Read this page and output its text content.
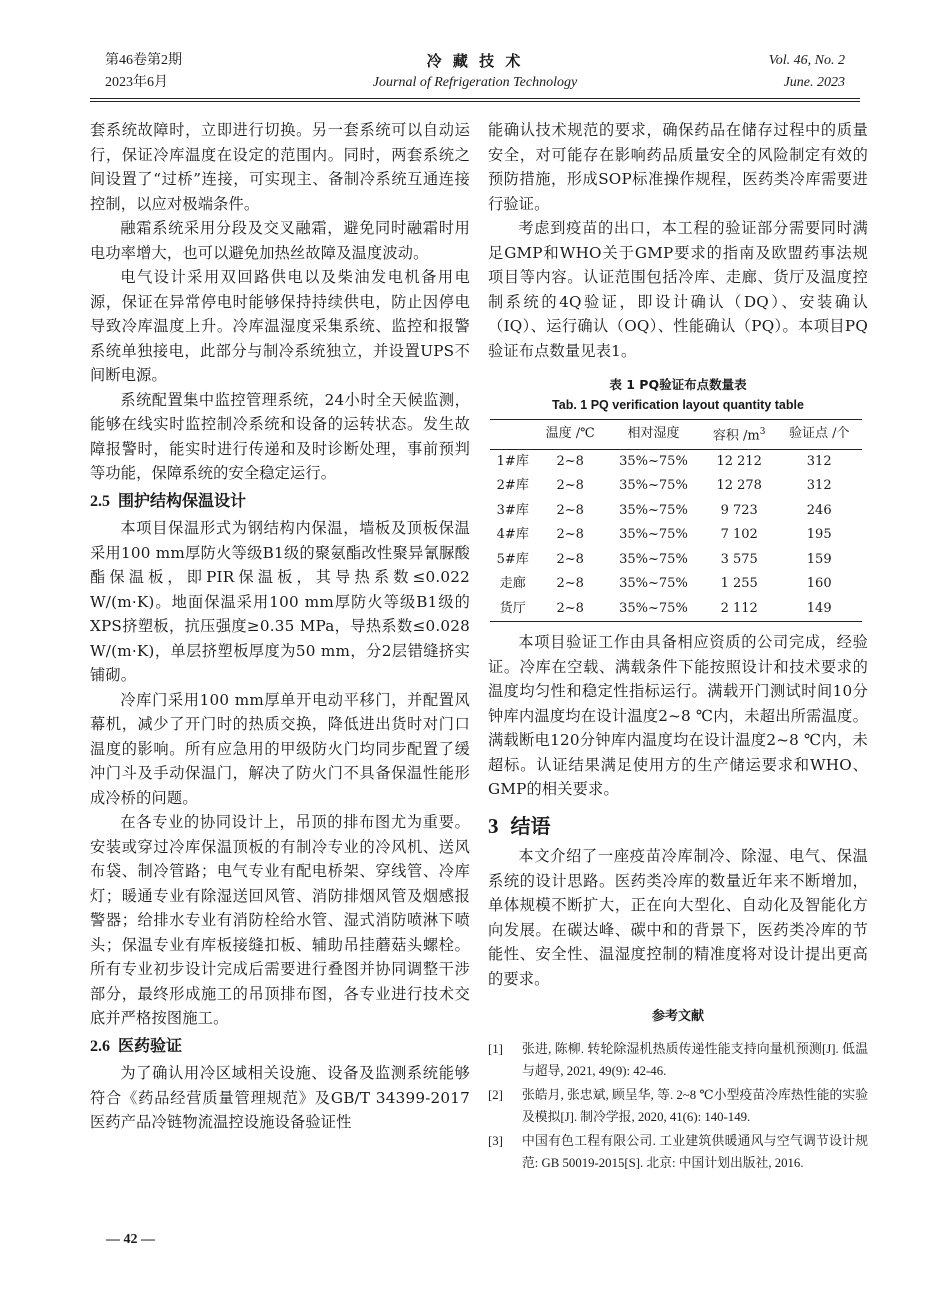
第46卷第2期
2023年6月
冷 藏 技 术
Journal of Refrigeration Technology
Vol. 46, No. 2
June. 2023

套系统故障时，立即进行切换。另一套系统可以自动运行，保证冷库温度在设定的范围内。同时，两套系统之间设置了“过桥”连接，可实现主、备制冷系统互通连接控制，以应对极端条件。

融霜系统采用分段及交叉融霜，避免同时融霜时用电功率增大，也可以避免加热丝故障及温度波动。

电气设计采用双回路供电以及柴油发电机备用电源，保证在异常停电时能够保持持续供电，防止因停电导致冷库温度上升。冷库温湿度采集系统、监控和报警系统单独接电，此部分与制冷系统独立，并设置UPS不间断电源。

系统配置集中监控管理系统，24小时全天候监测，能够在线实时监控制冷系统和设备的运转状态。发生故障报警时，能实时进行传递和及时诊断处理，事前预判等功能，保障系统的安全稳定运行。

2.5 围护结构保温设计

本项目保温形式为钢结构内保温，墙板及顶板保温采用100 mm厚防火等级B1级的聚氨酯改性聚异氰脲酸酯保温板，即PIR保温板，其导热系数≤0.022 W/(m·K)。地面保温采用100 mm厚防火等级B1级的XPS挤塑板，抗压强度≥0.35 MPa，导热系数≤0.028 W/(m·K)，单层挤塑板厚度为50 mm，分2层错缝挤实铺砌。

冷库门采用100 mm厚单开电动平移门，并配置风幕机，减少了开门时的热质交换，降低进出货时对门口温度的影响。所有应急用的甲级防火门均同步配置了缓冲门斗及手动保温门，解决了防火门不具备保温性能形成冷桥的问题。

在各专业的协同设计上，吊顶的排布图尤为重要。安装或穿过冷库保温顶板的有制冷专业的冷风机、送风布袋、制冷管路；电气专业有配电桥架、穿线管、冷库灯；暖通专业有除湿送回风管、消防排烟风管及烟感报警器；给排水专业有消防栓给水管、湿式消防喷淋下喷头；保温专业有库板接缝扣板、辅助吊挂蘑菇头螺栓。所有专业初步设计完成后需要进行叠图并协同调整干涉部分，最终形成施工的吊顶排布图，各专业进行技术交底并严格按图施工。

2.6 医药验证

为了确认用冷区域相关设施、设备及监测系统能够符合《药品经营质量管理规范》及GB/T 34399-2017医药产品冷链物流温控设施设备验证性

能确认技术规范的要求，确保药品在储存过程中的质量安全，对可能存在影响药品质量安全的风险制定有效的预防措施，形成SOP标准操作规程，医药类冷库需要进行验证。

考虑到疫苗的出口，本工程的验证部分需要同时满足GMP和WHO关于GMP要求的指南及欧盟药事法规项目等内容。认证范围包括冷库、走廊、货厅及温度控制系统的4Q验证，即设计确认（DQ）、安装确认（IQ）、运行确认（OQ）、性能确认（PQ）。本项目PQ验证布点数量见表1。

表 1 PQ验证布点数量表
Tab. 1 PQ verification layout quantity table
	温度 /℃	相对湿度	容积 $/m^3$	验证点 /个
1#库	2~8	35%~75%	12 212	312
2#库	2~8	35%~75%	12 278	312
3#库	2~8	35%~75%	9 723	246
4#库	2~8	35%~75%	7 102	195
5#库	2~8	35%~75%	3 575	159
走廊	2~8	35%~75%	1 255	160
货厅	2~8	35%~75%	2 112	149

本项目验证工作由具备相应资质的公司完成，经验证。冷库在空载、满载条件下能按照设计和技术要求的温度均匀性和稳定性指标运行。满载开门测试时间10分钟库内温度均在设计温度2~8 ℃内，未超出所需温度。满载断电120分钟库内温度均在设计温度2~8 ℃内，未超标。认证结果满足使用方的生产储运要求和WHO、GMP的相关要求。

3 结语

本文介绍了一座疫苗冷库制冷、除湿、电气、保温系统的设计思路。医药类冷库的数量近年来不断增加，单体规模不断扩大，正在向大型化、自动化及智能化方向发展。在碳达峰、碳中和的背景下，医药类冷库的节能性、安全性、温湿度控制的精准度将对设计提出更高的要求。

参考文献
[1]	张进, 陈柳. 转轮除湿机热质传递性能支持向量机预测[J]. 低温与超导, 2021, 49(9): 42-46.
[2]	张皓月, 张忠斌, 顾呈华, 等. 2~8 ℃小型疫苗冷库热性能的实验及模拟[J]. 制冷学报, 2020, 41(6): 140-149.
[3]	中国有色工程有限公司. 工业建筑供暖通风与空气调节设计规范: GB 50019-2015[S]. 北京: 中国计划出版社, 2016.
— 42 —
